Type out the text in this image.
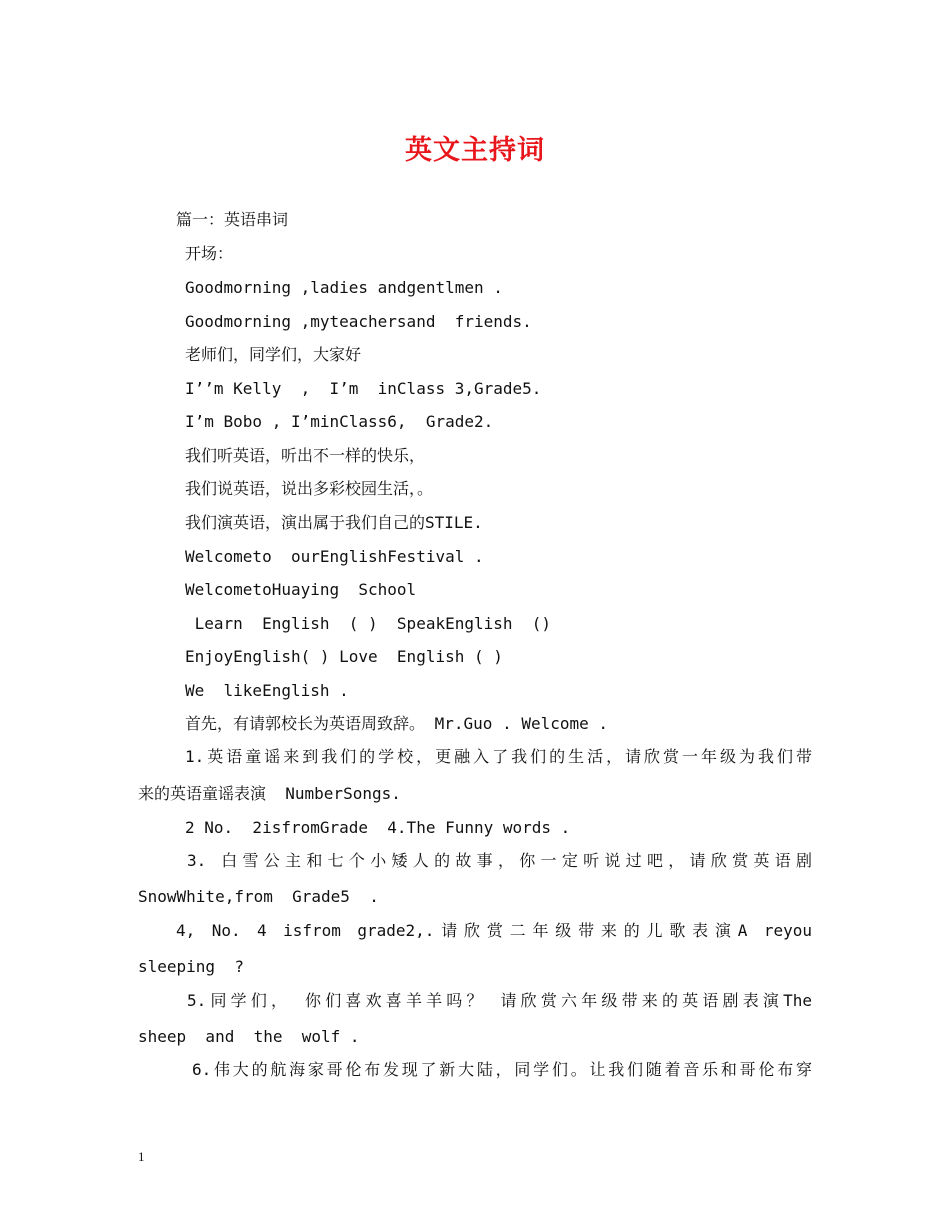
英文主持词
篇一：英语串词
开场：
Goodmorning ,ladies andgentlmen .
Goodmorning ,myteachersand  friends.
老师们，同学们，大家好
I’’m Kelly  ,  I’m  inClass 3,Grade5.
I’m Bobo , I’minClass6,  Grade2.
我们听英语，听出不一样的快乐，
我们说英语，说出多彩校园生活，。
我们演英语，演出属于我们自己的STILE.
Welcometo  ourEnglishFestival .
WelcometoHuaying  School
Learn  English  ( )  SpeakEnglish  ()
EnjoyEnglish( ) Love  English ( )
We  likeEnglish .
首先，有请郭校长为英语周致辞。 Mr.Guo . Welcome .
1.英语童谣来到我们的学校，更融入了我们的生活，请欣赏一年级为我们带
来的英语童谣表演  NumberSongs.
2 No.  2isfromGrade  4.The Funny words .
3. 白雪公主和七个小矮人的故事，你一定听说过吧，请欣赏英语剧
SnowWhite,from  Grade5  .
4, No. 4 isfrom grade2,.请欣赏二年级带来的儿歌表演A reyou
sleeping  ?
5.同学们， 你们喜欢喜羊羊吗？ 请欣赏六年级带来的英语剧表演The
sheep  and  the  wolf .
6.伟大的航海家哥伦布发现了新大陆，同学们。让我们随着音乐和哥伦布穿
1
